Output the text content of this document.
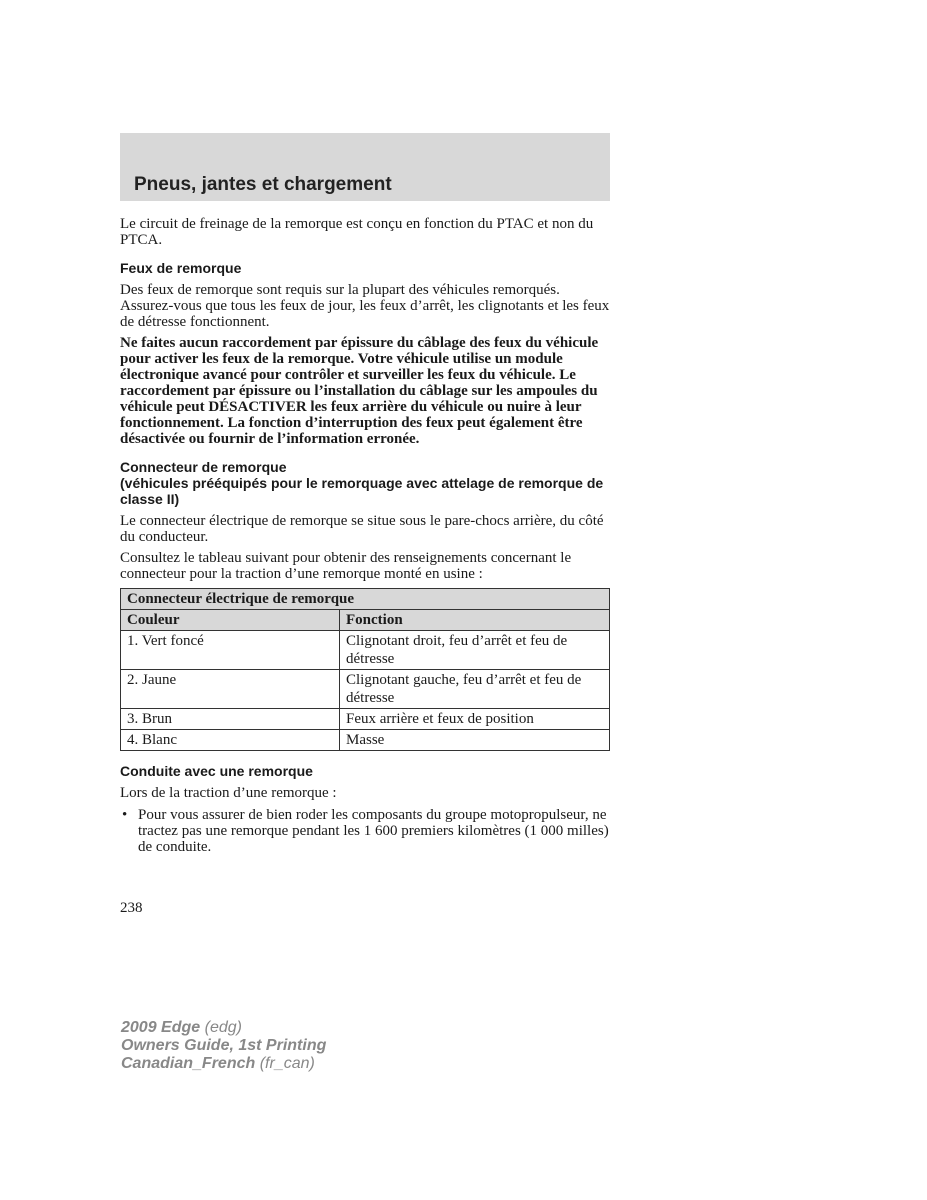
Pneus, jantes et chargement

Le circuit de freinage de la remorque est conçu en fonction du PTAC et non du PTCA.

Feux de remorque

Des feux de remorque sont requis sur la plupart des véhicules remorqués. Assurez-vous que tous les feux de jour, les feux d’arrêt, les clignotants et les feux de détresse fonctionnent.

Ne faites aucun raccordement par épissure du câblage des feux du véhicule pour activer les feux de la remorque. Votre véhicule utilise un module électronique avancé pour contrôler et surveiller les feux du véhicule. Le raccordement par épissure ou l’installation du câblage sur les ampoules du véhicule peut DÉSACTIVER les feux arrière du véhicule ou nuire à leur fonctionnement. La fonction d’interruption des feux peut également être désactivée ou fournir de l’information erronée.

Connecteur de remorque
(véhicules prééquipés pour le remorquage avec attelage de remorque de classe II)

Le connecteur électrique de remorque se situe sous le pare-chocs arrière, du côté du conducteur.

Consultez le tableau suivant pour obtenir des renseignements concernant le connecteur pour la traction d’une remorque monté en usine :

Connecteur électrique de remorque	
Couleur	Fonction
1. Vert foncé	Clignotant droit, feu d’arrêt et feu de détresse
2. Jaune	Clignotant gauche, feu d’arrêt et feu de détresse
3. Brun	Feux arrière et feux de position
4. Blanc	Masse

Conduite avec une remorque

Lors de la traction d’une remorque :

• Pour vous assurer de bien roder les composants du groupe motopropulseur, ne tractez pas une remorque pendant les 1 600 premiers kilomètres (1 000 milles) de conduite.
238
2009 Edge (edg)
Owners Guide, 1st Printing
Canadian_French (fr_can)
